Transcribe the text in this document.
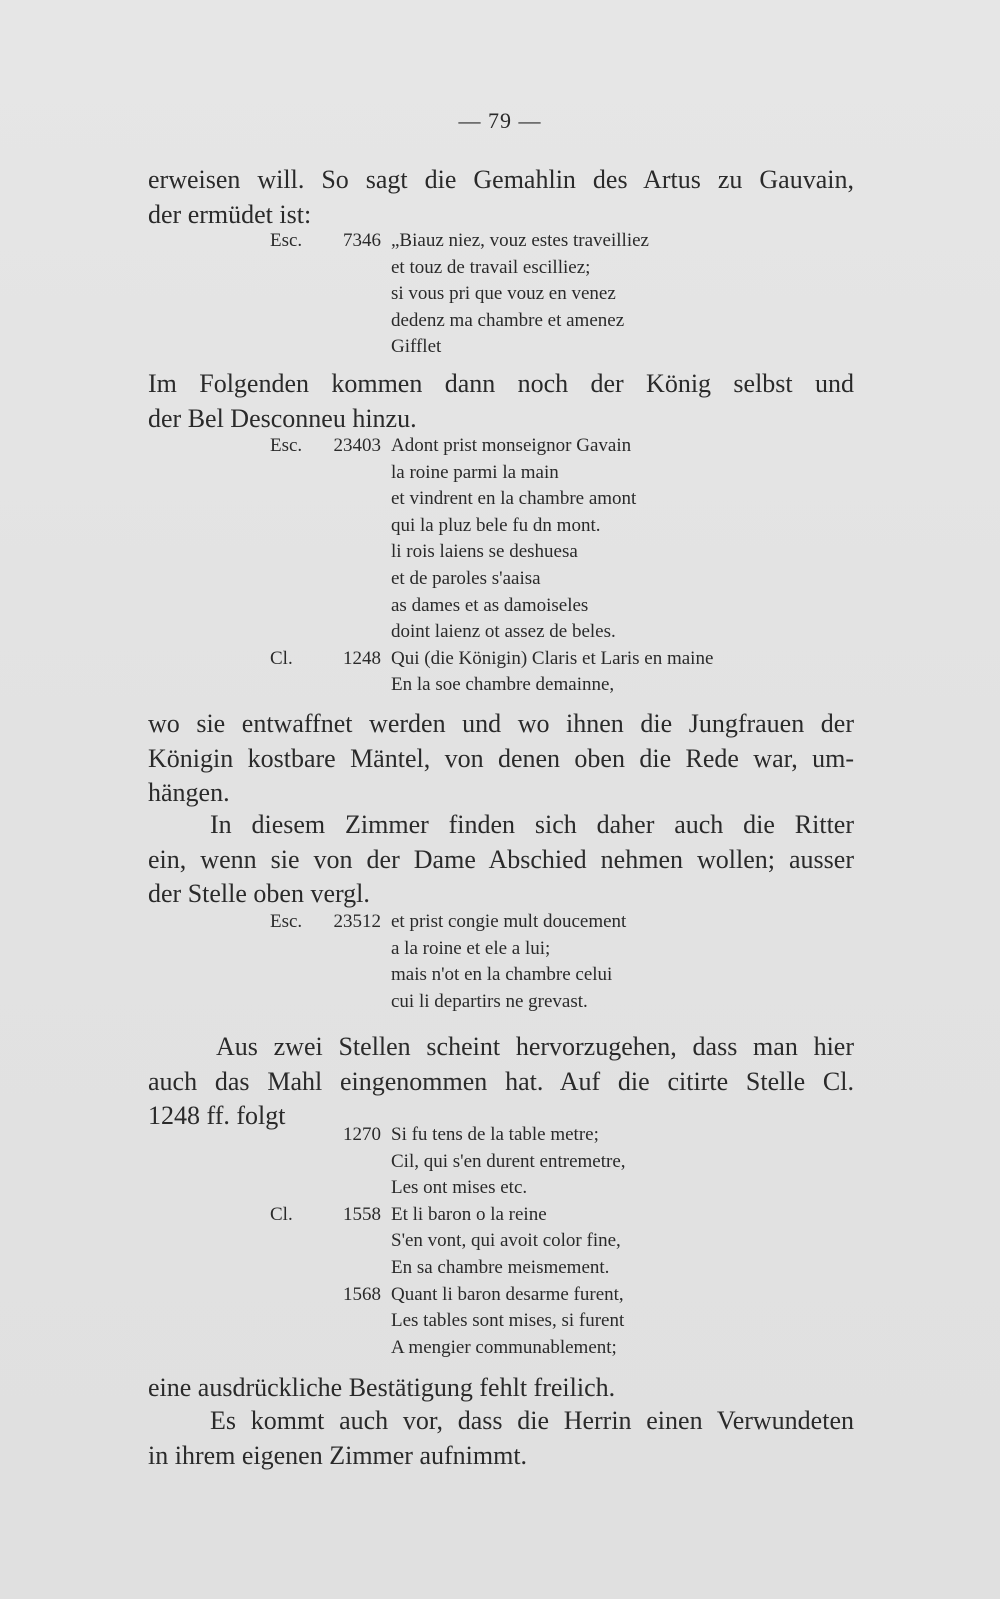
— 79 —
erweisen will. So sagt die Gemahlin des Artus zu Gauvain,
der ermüdet ist:
Esc.	7346 „Biauz niez, vouz estes traveilliez
et touz de travail escilliez;
si vous pri que vouz en venez
dedenz ma chambre et amenez
Gifflet
Im Folgenden kommen dann noch der König selbst und
der Bel Desconneu hinzu.
Esc.	23403 Adont prist monseignor Gavain
la roine parmi la main
et vindrent en la chambre amont
qui la pluz bele fu dn mont.
li rois laiens se deshuesa
et de paroles s'aaisa
as dames et as damoiseles
doint laienz ot assez de beles.
Cl.	1248 Qui (die Königin) Claris et Laris en maine
En la soe chambre demainne,
wo sie entwaffnet werden und wo ihnen die Jungfrauen der
Königin kostbare Mäntel, von denen oben die Rede war, um-
hängen.
In diesem Zimmer finden sich daher auch die Ritter
ein, wenn sie von der Dame Abschied nehmen wollen; ausser
der Stelle oben vergl.
Esc.	23512 et prist congie mult doucement
a la roine et ele a lui;
mais n'ot en la chambre celui
cui li departirs ne grevast.
Aus zwei Stellen scheint hervorzugehen, dass man hier
auch das Mahl eingenommen hat. Auf die citirte Stelle Cl.
1248 ff. folgt
1270 Si fu tens de la table metre;
Cil, qui s'en durent entremetre,
Les ont mises etc.
Cl.	1558 Et li baron o la reine
S'en vont, qui avoit color fine,
En sa chambre meismement.
1568 Quant li baron desarme furent,
Les tables sont mises, si furent
A mengier communablement;
eine ausdrückliche Bestätigung fehlt freilich.
Es kommt auch vor, dass die Herrin einen Verwundeten
in ihrem eigenen Zimmer aufnimmt.
